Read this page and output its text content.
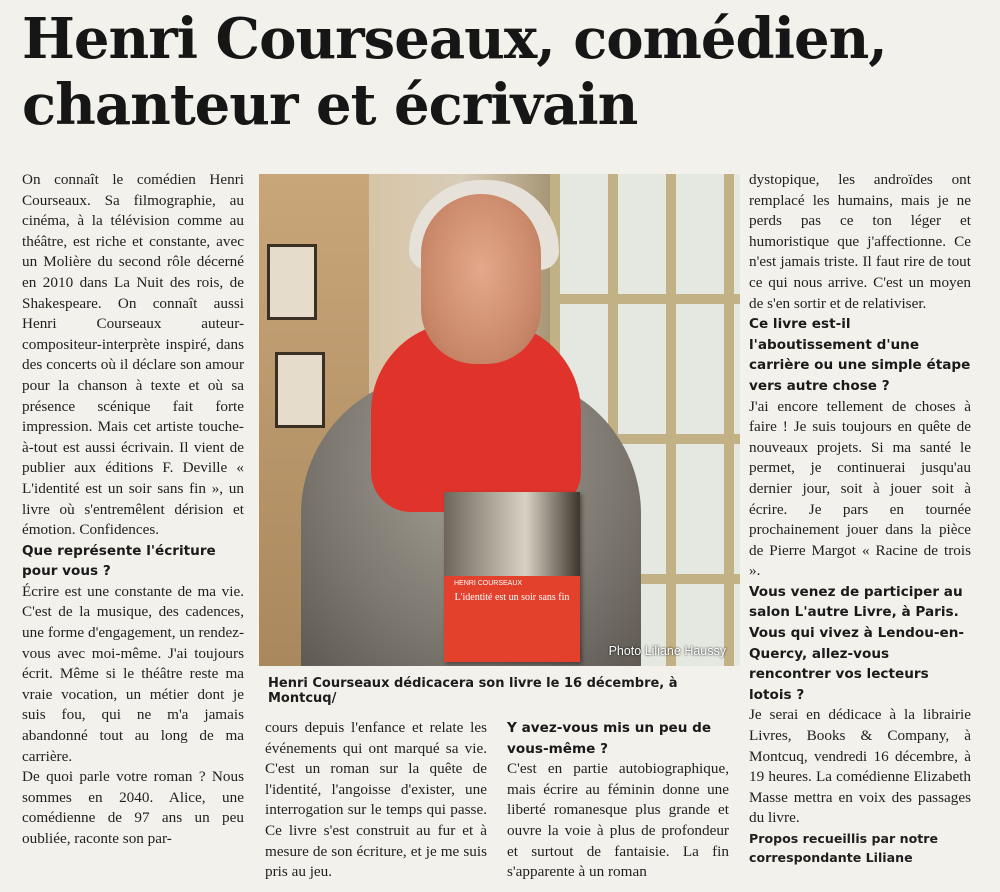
Henri Courseaux, comédien,
chanteur et écrivain

On connaît le comédien Henri Courseaux. Sa filmographie, au cinéma, à la télévision comme au théâtre, est riche et constante, avec un Molière du second rôle décerné en 2010 dans La Nuit des rois, de Shakespeare. On connaît aussi Henri Courseaux auteur-compositeur-interprète inspiré, dans des concerts où il déclare son amour pour la chanson à texte et où sa présence scénique fait forte impression. Mais cet artiste touche-à-tout est aussi écrivain. Il vient de publier aux éditions F. Deville « L'identité est un soir sans fin », un livre où s'entremêlent dérision et émotion. Confidences.

Que représente l'écriture pour vous ?

Écrire est une constante de ma vie. C'est de la musique, des cadences, une forme d'engagement, un rendez-vous avec moi-même. J'ai toujours écrit. Même si le théâtre reste ma vraie vocation, un métier dont je suis fou, qui ne m'a jamais abandonné tout au long de ma carrière.

De quoi parle votre roman ? Nous sommes en 2040. Alice, une comédienne de 97 ans un peu oubliée, raconte son par-

HENRI COURSEAUX
L'identité est un soir sans fin
Photo Liliane Haussy
Henri Courseaux dédicacera son livre le 16 décembre, à Montcuq/

cours depuis l'enfance et relate les événements qui ont marqué sa vie. C'est un roman sur la quête de l'identité, l'angoisse d'exister, une interrogation sur le temps qui passe. Ce livre s'est construit au fur et à mesure de son écriture, et je me suis pris au jeu.

Y avez-vous mis un peu de vous-même ?

C'est en partie autobiographique, mais écrire au féminin donne une liberté romanesque plus grande et ouvre la voie à plus de profondeur et surtout de fantaisie. La fin s'apparente à un roman

dystopique, les androïdes ont remplacé les humains, mais je ne perds pas ce ton léger et humoristique que j'affectionne. Ce n'est jamais triste. Il faut rire de tout ce qui nous arrive. C'est un moyen de s'en sortir et de relativiser.

Ce livre est-il l'aboutissement d'une carrière ou une simple étape vers autre chose ?

J'ai encore tellement de choses à faire ! Je suis toujours en quête de nouveaux projets. Si ma santé le permet, je continuerai jusqu'au dernier jour, soit à jouer soit à écrire. Je pars en tournée prochainement jouer dans la pièce de Pierre Margot « Racine de trois ».

Vous venez de participer au salon L'autre Livre, à Paris. Vous qui vivez à Lendou-en-Quercy, allez-vous rencontrer vos lecteurs lotois ?

Je serai en dédicace à la librairie Livres, Books & Company, à Montcuq, vendredi 16 décembre, à 19 heures. La comédienne Elizabeth Masse mettra en voix des passages du livre.

Propos recueillis par notre correspondante Liliane
